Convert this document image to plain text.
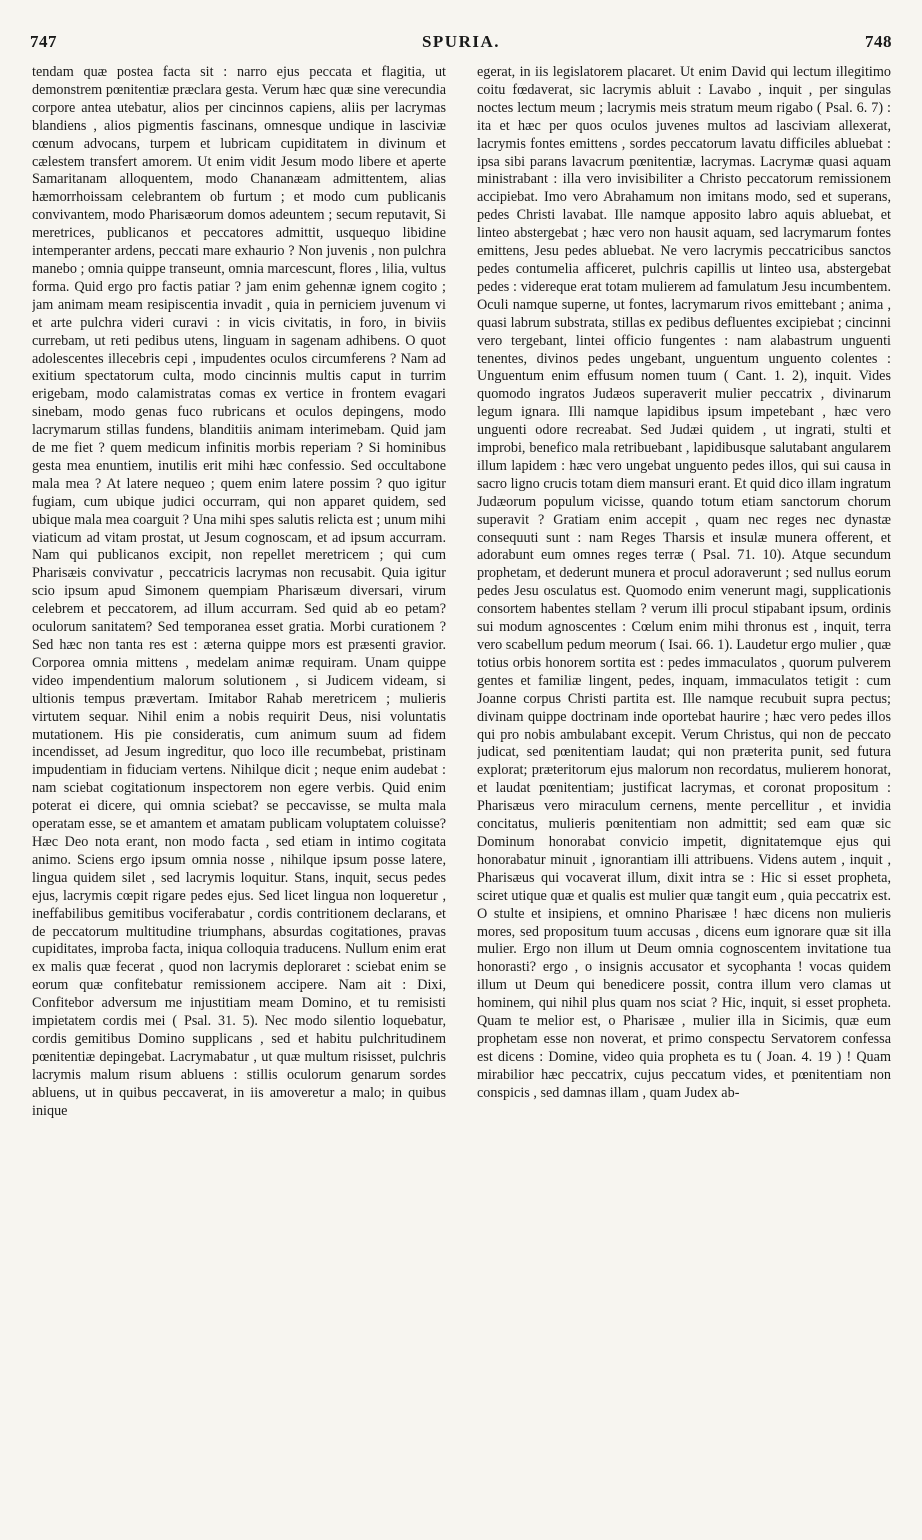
747	SPURIA.	748

tendam quæ postea facta sit : narro ejus peccata et flagitia, ut demonstrem pœnitentiæ præclara gesta. Verum hæc quæ sine verecundia corpore antea utebatur, alios per cincinnos capiens, aliis per lacrymas blandiens , alios pigmentis fascinans, omnesque undique in lasciviæ cœnum advocans, turpem et lubricam cupiditatem in divinum et cælestem transfert amorem. Ut enim vidit Jesum modo libere et aperte Samaritanam alloquentem, modo Chananæam admittentem, alias hæmorrhoissam celebrantem ob furtum ; et modo cum publicanis convivantem, modo Pharisæorum domos adeuntem ; secum reputavit, Si meretrices, publicanos et peccatores admittit, usquequo libidine intemperanter ardens, peccati mare exhaurio ? Non juvenis , non pulchra manebo ; omnia quippe transeunt, omnia marcescunt, flores , lilia, vultus forma. Quid ergo pro factis patiar ? jam enim gehennæ ignem cogito ; jam animam meam resipiscentia invadit , quia in perniciem juvenum vi et arte pulchra videri curavi : in vicis civitatis, in foro, in biviis currebam, ut reti pedibus utens, linguam in sagenam adhibens. O quot adolescentes illecebris cepi , impudentes oculos circumferens ? Nam ad exitium spectatorum culta, modo cincinnis multis caput in turrim erigebam, modo calamistratas comas ex vertice in frontem evagari sinebam, modo genas fuco rubricans et oculos depingens, modo lacrymarum stillas fundens, blanditiis animam interimebam. Quid jam de me fiet ? quem medicum infinitis morbis reperiam ? Si hominibus gesta mea enuntiem, inutilis erit mihi hæc confessio. Sed occultabone mala mea ? At latere nequeo ; quem enim latere possim ? quo igitur fugiam, cum ubique judici occurram, qui non apparet quidem, sed ubique mala mea coarguit ? Una mihi spes salutis relicta est ; unum mihi viaticum ad vitam prostat, ut Jesum cognoscam, et ad ipsum accurram. Nam qui publicanos excipit, non repellet meretricem ; qui cum Pharisæis convivatur , peccatricis lacrymas non recusabit. Quia igitur scio ipsum apud Simonem quempiam Pharisæum diversari, virum celebrem et peccatorem, ad illum accurram. Sed quid ab eo petam? oculorum sanitatem? Sed temporanea esset gratia. Morbi curationem ? Sed hæc non tanta res est : æterna quippe mors est præsenti gravior. Corporea omnia mittens , medelam animæ requiram. Unam quippe video impendentium malorum solutionem , si Judicem videam, si ultionis tempus prævertam. Imitabor Rahab meretricem ; mulieris virtutem sequar. Nihil enim a nobis requirit Deus, nisi voluntatis mutationem. His pie consideratis, cum animum suum ad fidem incendisset, ad Jesum ingreditur, quo loco ille recumbebat, pristinam impudentiam in fiduciam vertens. Nihilque dicit ; neque enim audebat : nam sciebat cogitationum inspectorem non egere verbis. Quid enim poterat ei dicere, qui omnia sciebat? se peccavisse, se multa mala operatam esse, se et amantem et amatam publicam voluptatem coluisse? Hæc Deo nota erant, non modo facta , sed etiam in intimo cogitata animo. Sciens ergo ipsum omnia nosse , nihilque ipsum posse latere, lingua quidem silet , sed lacrymis loquitur. Stans, inquit, secus pedes ejus, lacrymis cœpit rigare pedes ejus. Sed licet lingua non loqueretur , ineffabilibus gemitibus vociferabatur , cordis contritionem declarans, et de peccatorum multitudine triumphans, absurdas cogitationes, pravas cupiditates, improba facta, iniqua colloquia traducens. Nullum enim erat ex malis quæ fecerat , quod non lacrymis deploraret : sciebat enim se eorum quæ confitebatur remissionem accipere. Nam ait : Dixi, Confitebor adversum me injustitiam meam Domino, et tu remisisti impietatem cordis mei ( Psal. 31. 5). Nec modo silentio loquebatur, cordis gemitibus Domino supplicans , sed et habitu pulchritudinem pœnitentiæ depingebat. Lacrymabatur , ut quæ multum risisset, pulchris lacrymis malum risum abluens : stillis oculorum genarum sordes abluens, ut in quibus peccaverat, in iis amoveretur a malo; in quibus inique

egerat, in iis legislatorem placaret. Ut enim David qui lectum illegitimo coitu fœdaverat, sic lacrymis abluit : Lavabo , inquit , per singulas noctes lectum meum ; lacrymis meis stratum meum rigabo ( Psal. 6. 7) : ita et hæc per quos oculos juvenes multos ad lasciviam allexerat, lacrymis fontes emittens , sordes peccatorum lavatu difficiles abluebat : ipsa sibi parans lavacrum pœnitentiæ, lacrymas. Lacrymæ quasi aquam ministrabant : illa vero invisibiliter a Christo peccatorum remissionem accipiebat. Imo vero Abrahamum non imitans modo, sed et superans, pedes Christi lavabat. Ille namque apposito labro aquis abluebat, et linteo abstergebat ; hæc vero non hausit aquam, sed lacrymarum fontes emittens, Jesu pedes abluebat. Ne vero lacrymis peccatricibus sanctos pedes contumelia afficeret, pulchris capillis ut linteo usa, abstergebat pedes : videreque erat totam mulierem ad famulatum Jesu incumbentem. Oculi namque superne, ut fontes, lacrymarum rivos emittebant ; anima , quasi labrum substrata, stillas ex pedibus defluentes excipiebat ; cincinni vero tergebant, lintei officio fungentes : nam alabastrum unguenti tenentes, divinos pedes ungebant, unguentum unguento colentes : Unguentum enim effusum nomen tuum ( Cant. 1. 2), inquit. Vides quomodo ingratos Judæos superaverit mulier peccatrix , divinarum legum ignara. Illi namque lapidibus ipsum impetebant , hæc vero unguenti odore recreabat. Sed Judæi quidem , ut ingrati, stulti et improbi, benefico mala retribuebant , lapidibusque salutabant angularem illum lapidem : hæc vero ungebat unguento pedes illos, qui sui causa in sacro ligno crucis totam diem mansuri erant. Et quid dico illam ingratum Judæorum populum vicisse, quando totum etiam sanctorum chorum superavit ? Gratiam enim accepit , quam nec reges nec dynastæ consequuti sunt : nam Reges Tharsis et insulæ munera offerent, et adorabunt eum omnes reges terræ ( Psal. 71. 10). Atque secundum prophetam, et dederunt munera et procul adoraverunt ; sed nullus eorum pedes Jesu osculatus est. Quomodo enim venerunt magi, supplicationis consortem habentes stellam ? verum illi procul stipabant ipsum, ordinis sui modum agnoscentes : Cœlum enim mihi thronus est , inquit, terra vero scabellum pedum meorum ( Isai. 66. 1). Laudetur ergo mulier , quæ totius orbis honorem sortita est : pedes immaculatos , quorum pulverem gentes et familiæ lingent, pedes, inquam, immaculatos tetigit : cum Joanne corpus Christi partita est. Ille namque recubuit supra pectus; divinam quippe doctrinam inde oportebat haurire ; hæc vero pedes illos qui pro nobis ambulabant excepit. Verum Christus, qui non de peccato judicat, sed pœnitentiam laudat; qui non præterita punit, sed futura explorat; præteritorum ejus malorum non recordatus, mulierem honorat, et laudat pœnitentiam; justificat lacrymas, et coronat propositum : Pharisæus vero miraculum cernens, mente percellitur , et invidia concitatus, mulieris pœnitentiam non admittit; sed eam quæ sic Dominum honorabat convicio impetit, dignitatemque ejus qui honorabatur minuit , ignorantiam illi attribuens. Videns autem , inquit , Pharisæus qui vocaverat illum, dixit intra se : Hic si esset propheta, sciret utique quæ et qualis est mulier quæ tangit eum , quia peccatrix est. O stulte et insipiens, et omnino Pharisæe ! hæc dicens non mulieris mores, sed propositum tuum accusas , dicens eum ignorare quæ sit illa mulier. Ergo non illum ut Deum omnia cognoscentem invitatione tua honorasti? ergo , o insignis accusator et sycophanta ! vocas quidem illum ut Deum qui benedicere possit, contra illum vero clamas ut hominem, qui nihil plus quam nos sciat ? Hic, inquit, si esset propheta. Quam te melior est, o Pharisæe , mulier illa in Sicimis, quæ eum prophetam esse non noverat, et primo conspectu Servatorem confessa est dicens : Domine, video quia propheta es tu ( Joan. 4. 19 ) ! Quam mirabilior hæc peccatrix, cujus peccatum vides, et pœnitentiam non conspicis , sed damnas illam , quam Judex ab-
